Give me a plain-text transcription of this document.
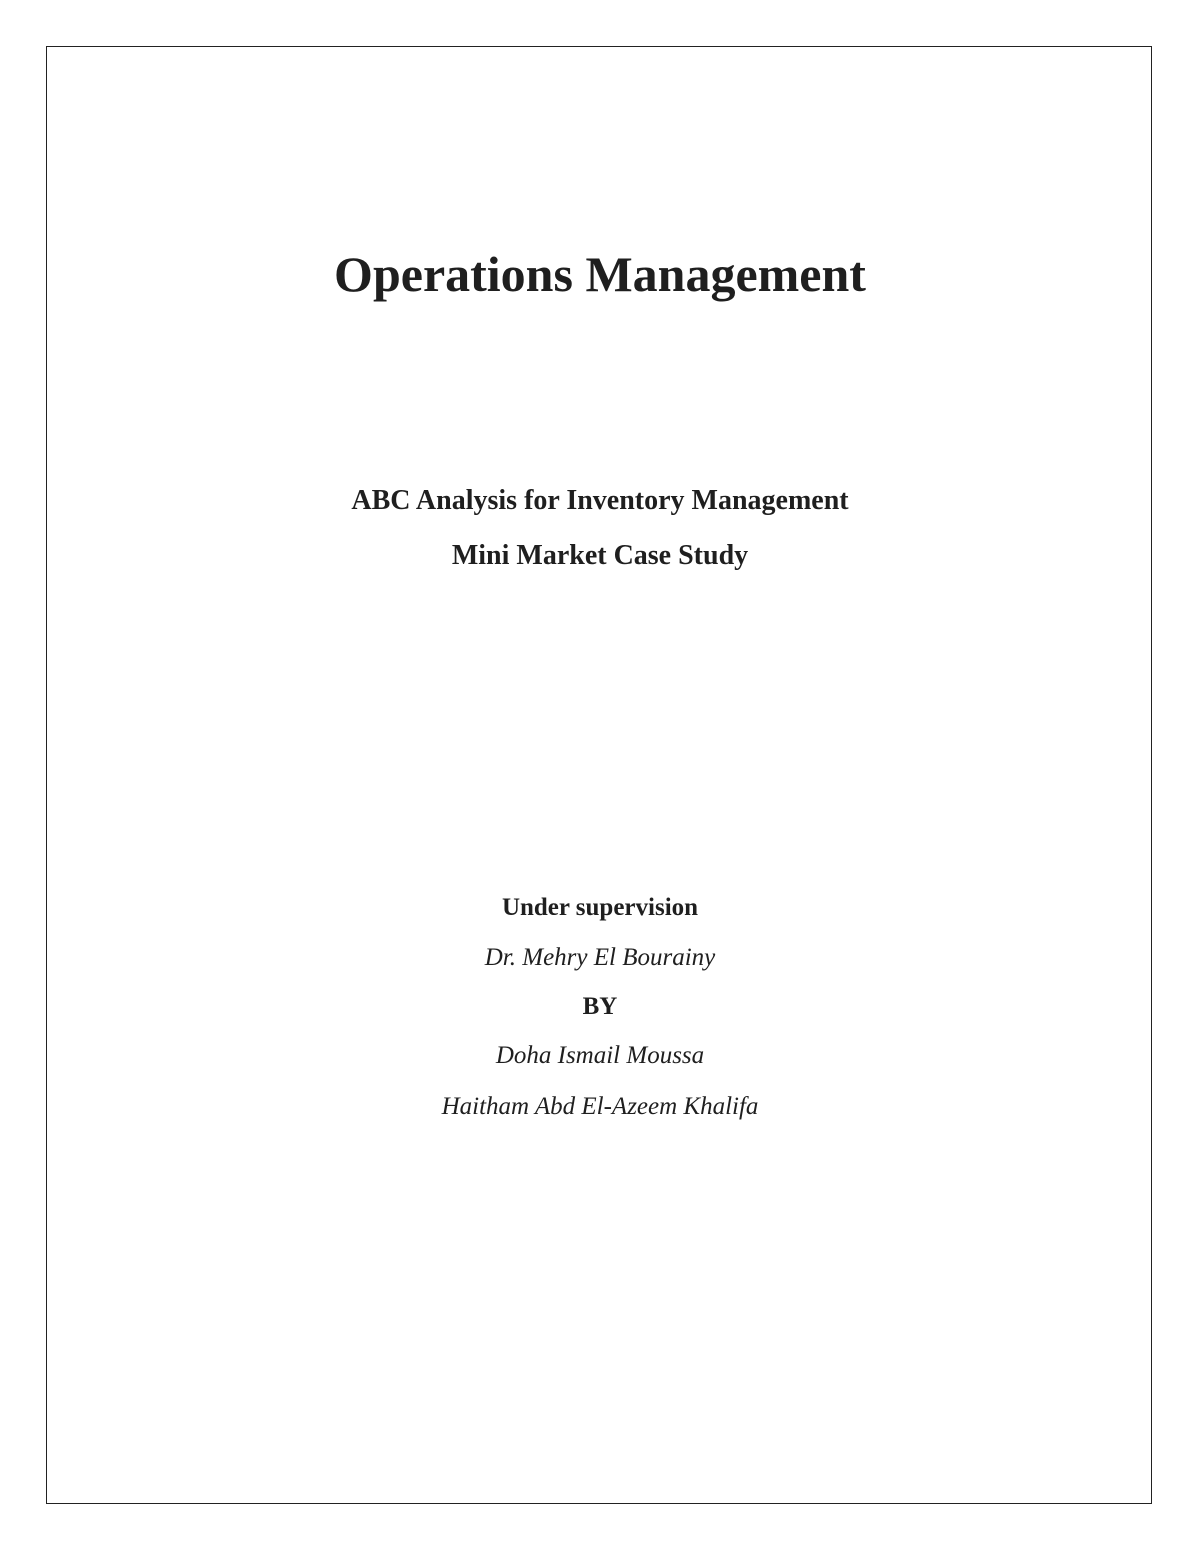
Operations Management
ABC Analysis for Inventory Management
Mini Market Case Study
Under supervision
Dr. Mehry El Bourainy
BY
Doha Ismail Moussa
Haitham Abd El-Azeem Khalifa
